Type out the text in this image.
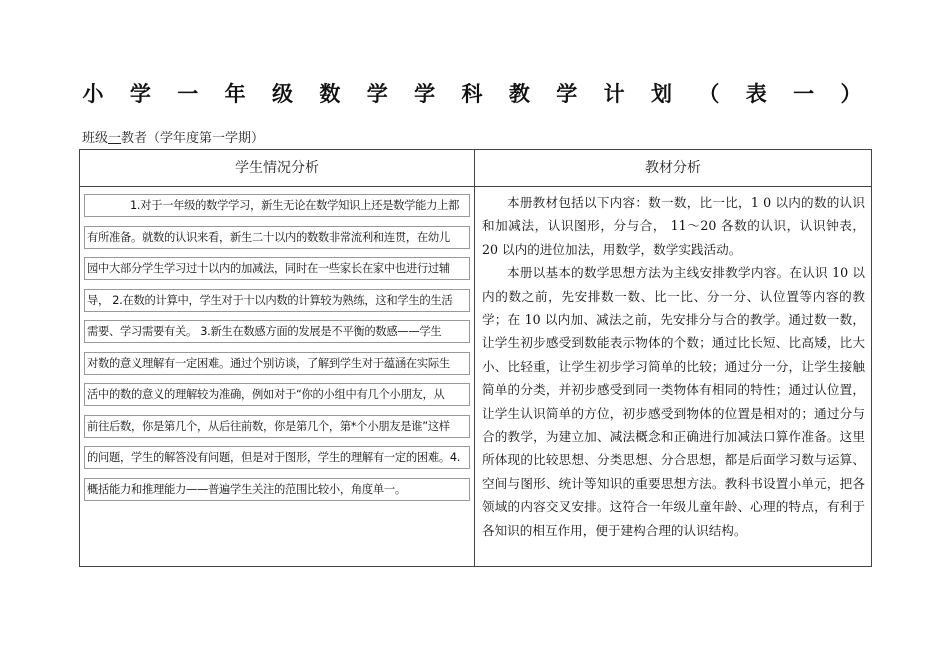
小 学 一 年 级 数 学 学 科 教 学 计 划 （ 表 一 ）
班级一教者（学年度第一学期）
学生情况分析	教材分析
1.对于一年级的数学学习，新生无论在数学知识上还是数学能力上都
有所准备。就数的认识来看，新生二十以内的数数非常流利和连贯，在幼儿
园中大部分学生学习过十以内的加减法，同时在一些家长在家中也进行过辅
导， 2.在数的计算中，学生对于十以内数的计算较为熟练，这和学生的生活
需要、学习需要有关。 3.新生在数感方面的发展是不平衡的数感——学生
对数的意义理解有一定困难。通过个别访谈，了解到学生对于蕴涵在实际生
活中的数的意义的理解较为准确，例如对于“你的小组中有几个小朋友，从
前往后数，你是第几个，从后往前数，你是第几个，第*个小朋友是谁”这样
的问题，学生的解答没有问题，但是对于图形，学生的理解有一定的困难。4.
概括能力和推理能力——普遍学生关注的范围比较小，角度单一。

本册教材包括以下内容：数一数，比一比，1 0 以内的数的认识和加减法，认识图形，分与合， 11～20 各数的认识，认识钟表，20 以内的进位加法，用数学，数学实践活动。

本册以基本的数学思想方法为主线安排教学内容。在认识 10 以内的数之前，先安排数一数、比一比、分一分、认位置等内容的教学；在 10 以内加、减法之前，先安排分与合的教学。通过数一数，让学生初步感受到数能表示物体的个数；通过比长短、比高矮，比大小、比轻重，让学生初步学习简单的比较；通过分一分，让学生接触简单的分类，并初步感受到同一类物体有相同的特性；通过认位置，让学生认识简单的方位，初步感受到物体的位置是相对的；通过分与合的教学，为建立加、减法概念和正确进行加减法口算作准备。这里所体现的比较思想、分类思想、分合思想，都是后面学习数与运算、空间与图形、统计等知识的重要思想方法。教科书设置小单元，把各领域的内容交叉安排。这符合一年级儿童年龄、心理的特点，有利于各知识的相互作用，便于建构合理的认识结构。
